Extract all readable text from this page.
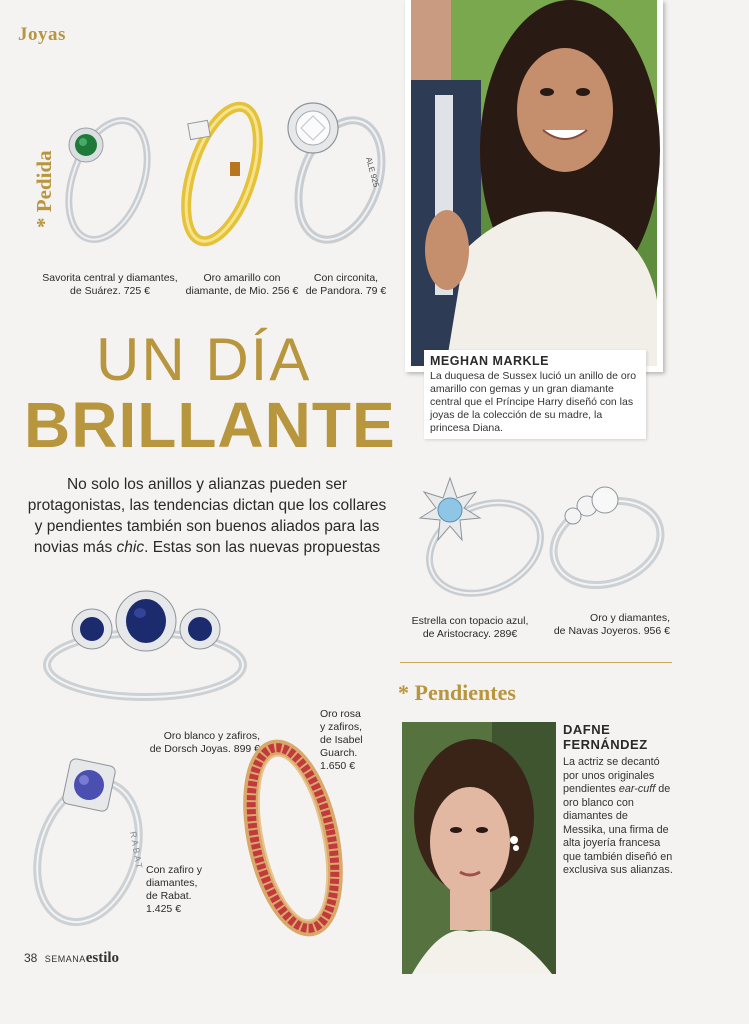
Joyas
* Pedida	ALE 925
Savorita central y diamantes,
de Suárez. 725 €
Oro amarillo con
diamante, de Mio. 256 €
Con circonita,
de Pandora. 79 €
MEGHAN MARKLE
La duquesa de Sussex lució un anillo de oro amarillo con gemas y un gran diamante central que el Príncipe Harry diseñó con las joyas de la colección de su madre, la princesa Diana.
UN DÍA
BRILLANTE
No solo los anillos y alianzas pueden ser protagonistas, las tendencias dictan que los collares y pendientes también son buenos aliados para las novias más chic. Estas son las nuevas propuestas
Estrella con topacio azul,
de Aristocracy. 289€
Oro y diamantes,
de Navas Joyeros. 956 €
* Pendientes
DAFNE
FERNÁNDEZ
La actriz se decantó por unos originales pendientes ear-cuff de oro blanco con diamantes de Messika, una firma de alta joyería francesa que también diseñó en exclusiva sus alianzas.
Oro blanco y zafiros,
de Dorsch Joyas. 899 €
Oro rosa
y zafiros,
de Isabel
Guarch.
1.650 €
RABAT Con zafiro y
diamantes,
de Rabat.
1.425 €
38 SEMANAestilo
